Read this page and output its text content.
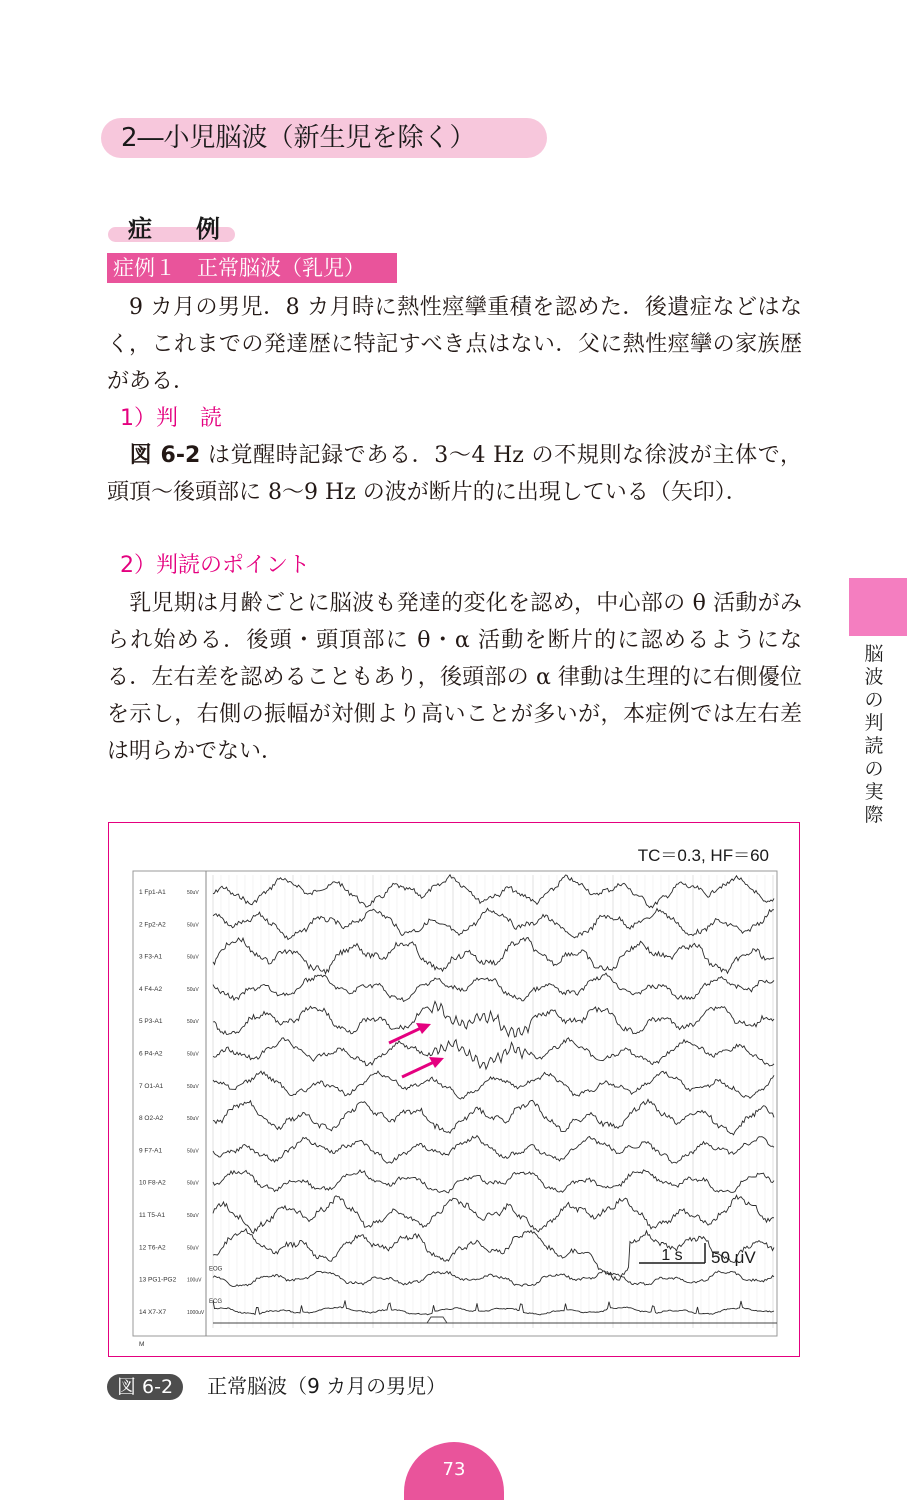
2―小児脳波（新生児を除く）
症　例
症例１　正常脳波（乳児）
9 カ月の男児．8 カ月時に熱性痙攣重積を認めた．後遺症などはなく，これまでの発達歴に特記すべき点はない．父に熱性痙攣の家族歴がある．
1）判　読
図 6-2 は覚醒時記録である．3〜4 Hz の不規則な徐波が主体で，頭頂〜後頭部に 8〜9 Hz の波が断片的に出現している（矢印）．
2）判読のポイント
乳児期は月齢ごとに脳波も発達的変化を認め，中心部の θ 活動がみられ始める．後頭・頭頂部に θ・α 活動を断片的に認めるようになる．左右差を認めることもあり，後頭部の α 律動は生理的に右側優位を示し，右側の振幅が対側より高いことが多いが，本症例では左右差は明らかでない．
脳波の判読の実際
TC＝0.3, HF＝60
1 Fp1-A1	50uV
2 Fp2-A2	50uV
3 F3-A1	50uV
4 F4-A2	50uV
5 P3-A1	50uV
6 P4-A2	50uV
7 O1-A1	50uV
8 O2-A2	50uV
9 F7-A1	50uV
10 F8-A2	50uV
11 T5-A1	50uV
12 T6-A2	50uV
13 PG1-PG2 100uV
EOG
14 X7-X7	1000uV
ECG
M
1 s 50 μV
図 6-2 正常脳波（9 カ月の男児）
73
